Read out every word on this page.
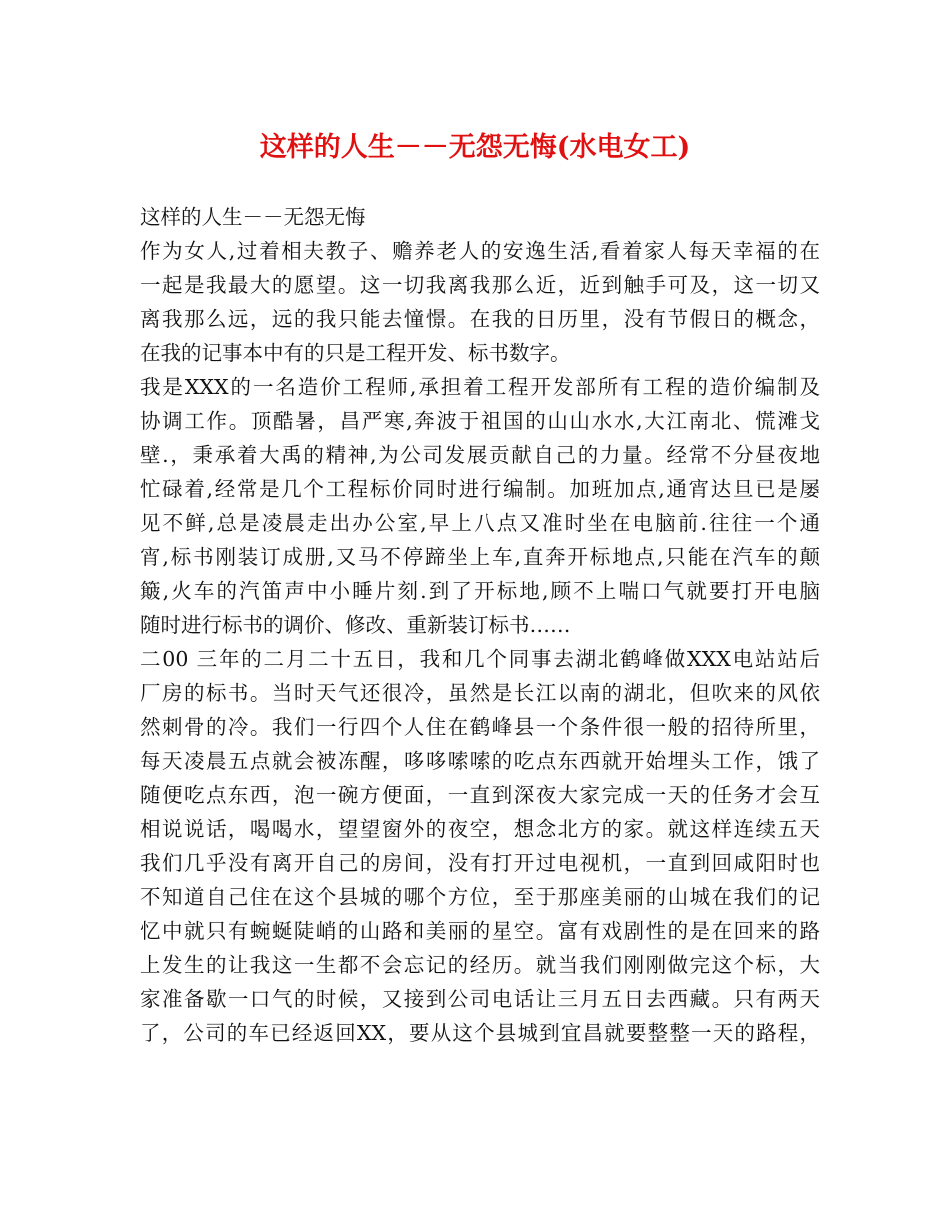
这样的人生－－无怨无悔(水电女工)
这样的人生－－无怨无悔
作为女人,过着相夫教子、赡养老人的安逸生活,看着家人每天幸福的在
一起是我最大的愿望。这一切我离我那么近，近到触手可及，这一切又
离我那么远，远的我只能去憧憬。在我的日历里，没有节假日的概念，
在我的记事本中有的只是工程开发、标书数字。
我是XXX的一名造价工程师,承担着工程开发部所有工程的造价编制及
协调工作。顶酷暑，昌严寒,奔波于祖国的山山水水,大江南北、慌滩戈
壁.，秉承着大禹的精神,为公司发展贡献自己的力量。经常不分昼夜地
忙碌着,经常是几个工程标价同时进行编制。加班加点,通宵达旦已是屡
见不鲜,总是凌晨走出办公室,早上八点又准时坐在电脑前.往往一个通
宵,标书刚装订成册,又马不停蹄坐上车,直奔开标地点,只能在汽车的颠
簸,火车的汽笛声中小睡片刻.到了开标地,顾不上喘口气就要打开电脑
随时进行标书的调价、修改、重新装订标书……
二00 三年的二月二十五日，我和几个同事去湖北鹤峰做XXX电站站后
厂房的标书。当时天气还很冷，虽然是长江以南的湖北，但吹来的风依
然刺骨的冷。我们一行四个人住在鹤峰县一个条件很一般的招待所里，
每天凌晨五点就会被冻醒，哆哆嗦嗦的吃点东西就开始埋头工作，饿了
随便吃点东西，泡一碗方便面，一直到深夜大家完成一天的任务才会互
相说说话，喝喝水，望望窗外的夜空，想念北方的家。就这样连续五天
我们几乎没有离开自己的房间，没有打开过电视机，一直到回咸阳时也
不知道自己住在这个县城的哪个方位，至于那座美丽的山城在我们的记
忆中就只有蜿蜒陡峭的山路和美丽的星空。富有戏剧性的是在回来的路
上发生的让我这一生都不会忘记的经历。就当我们刚刚做完这个标，大
家准备歇一口气的时候，又接到公司电话让三月五日去西藏。只有两天
了，公司的车已经返回XX，要从这个县城到宜昌就要整整一天的路程，
